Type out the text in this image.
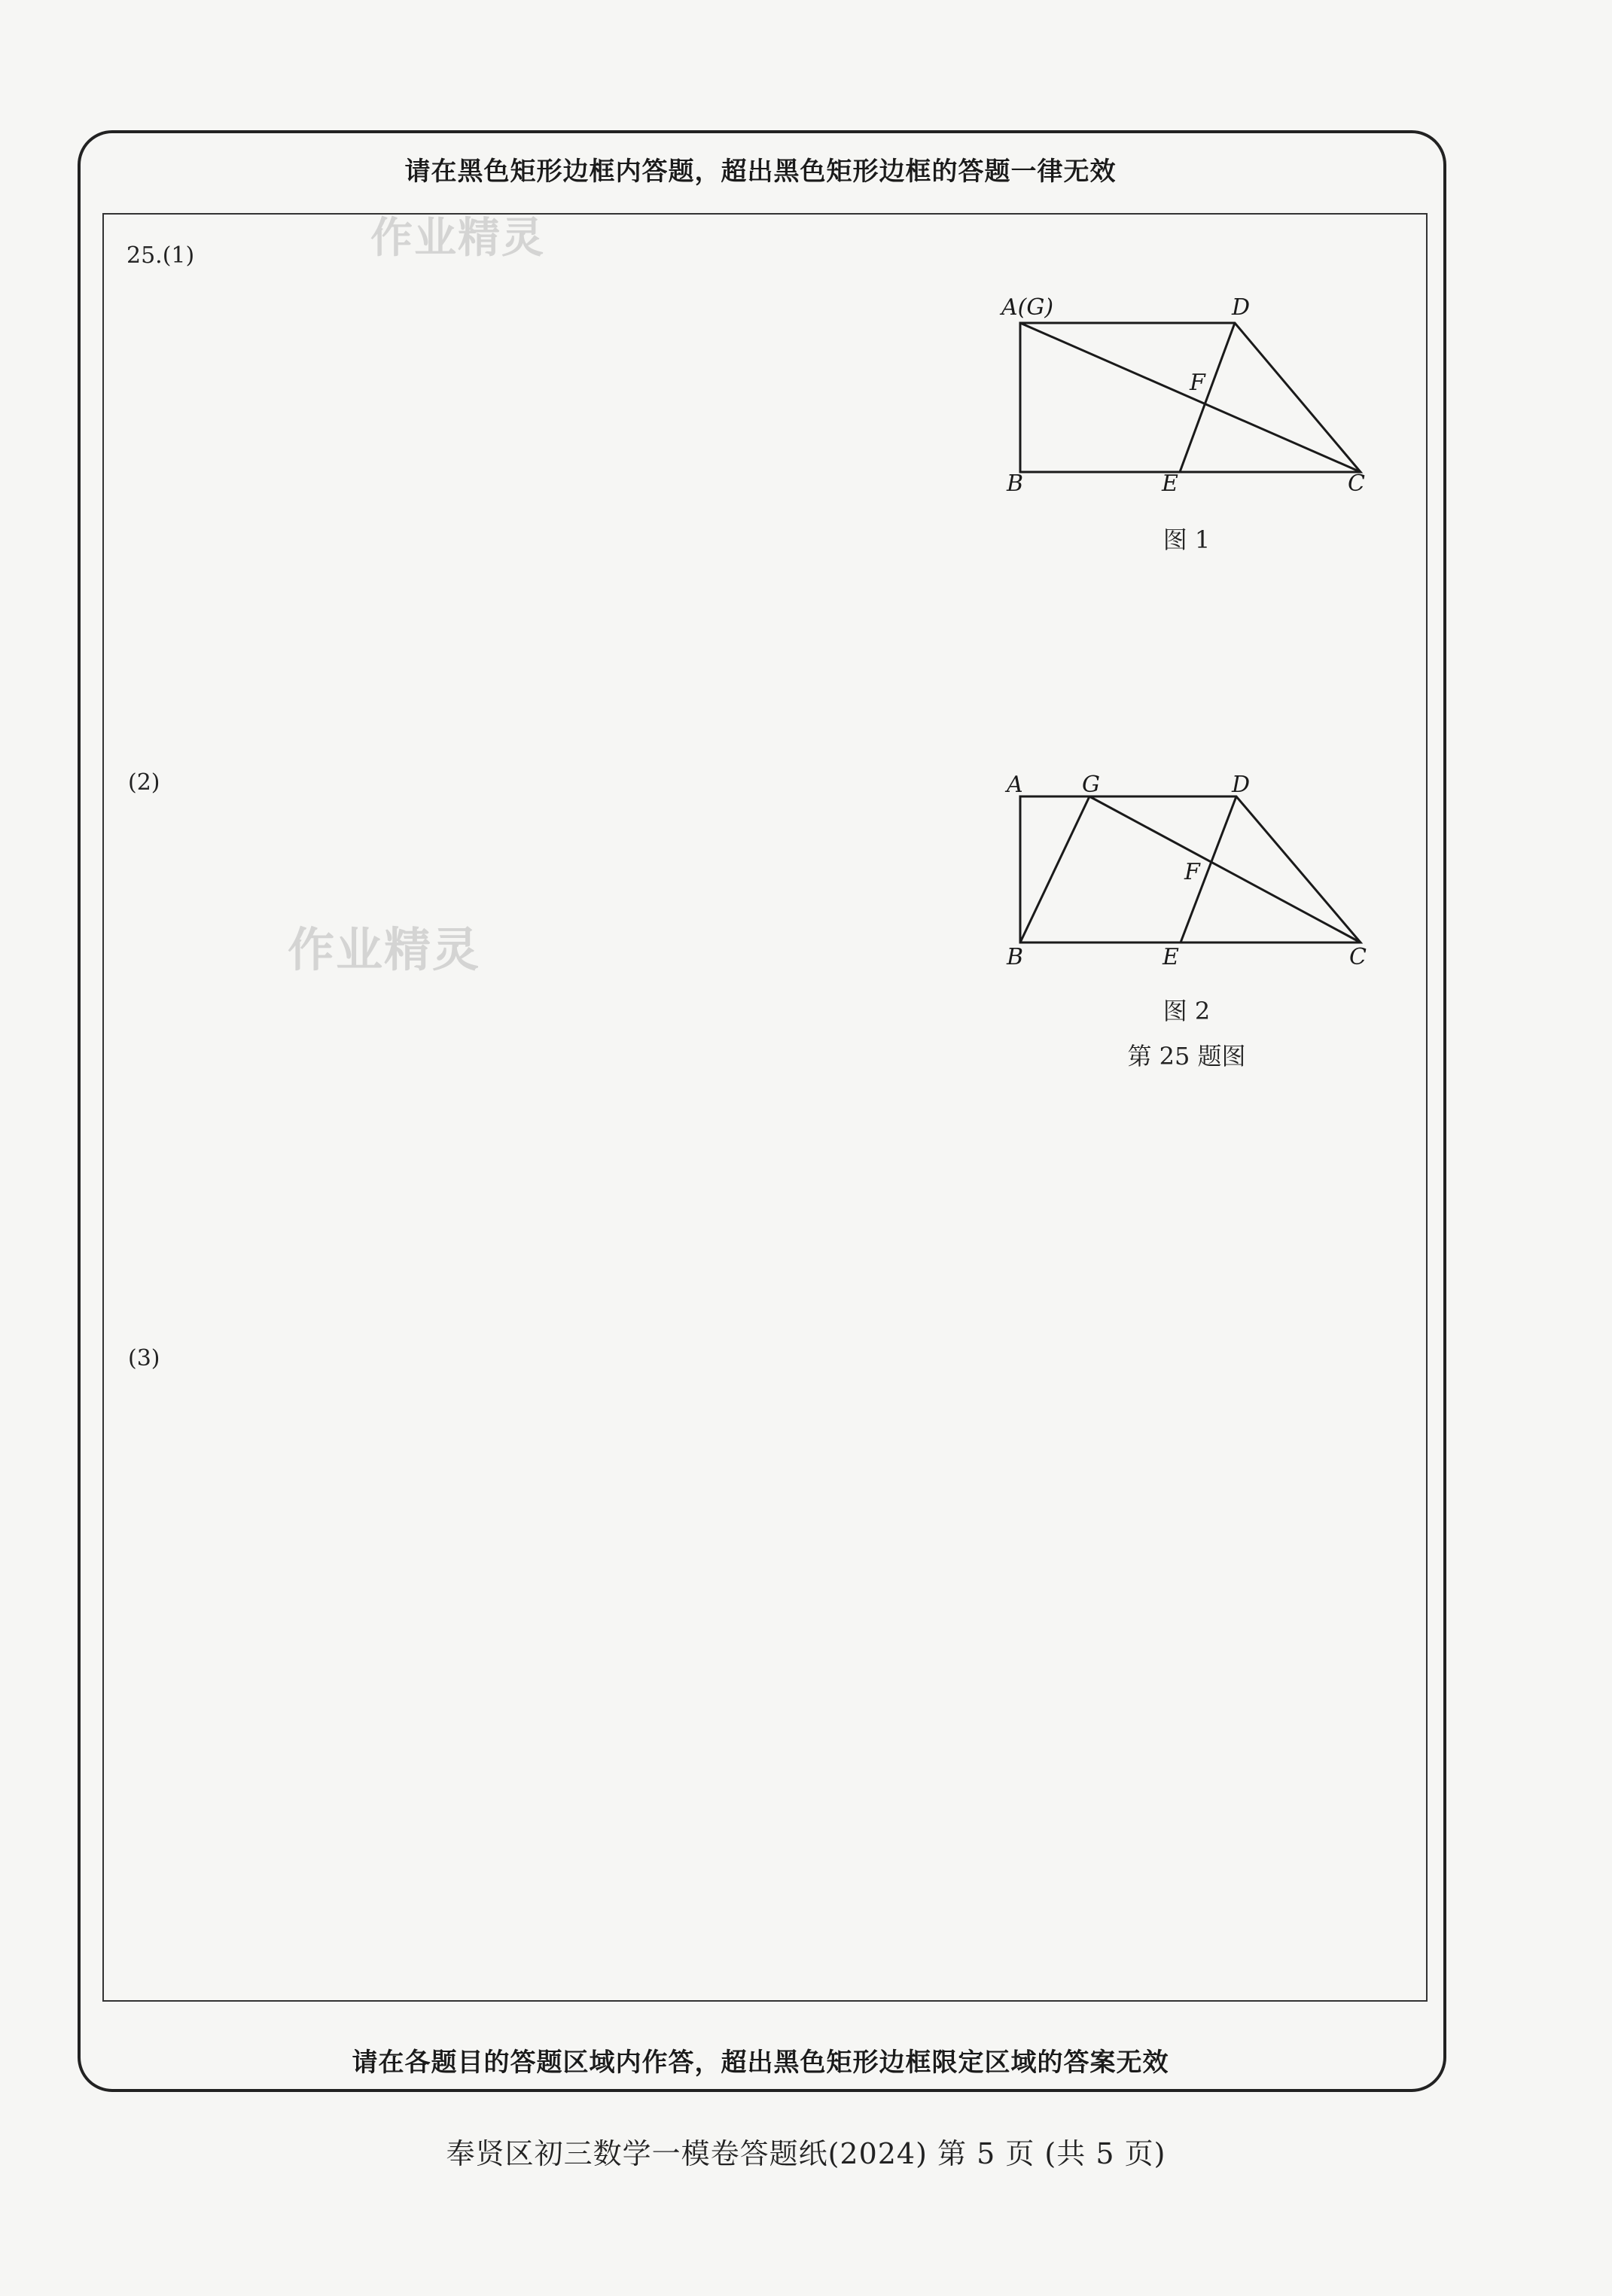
请在黑色矩形边框内答题，超出黑色矩形边框的答题一律无效
作业精灵
作业精灵
25.(1)
(2)
(3)
A(G)	D
F
B	E	C
图 1
A	G	D
F
B	E	C
图 2
第 25 题图
请在各题目的答题区域内作答，超出黑色矩形边框限定区域的答案无效
奉贤区初三数学一模卷答题纸(2024) 第 5 页 (共 5 页)
